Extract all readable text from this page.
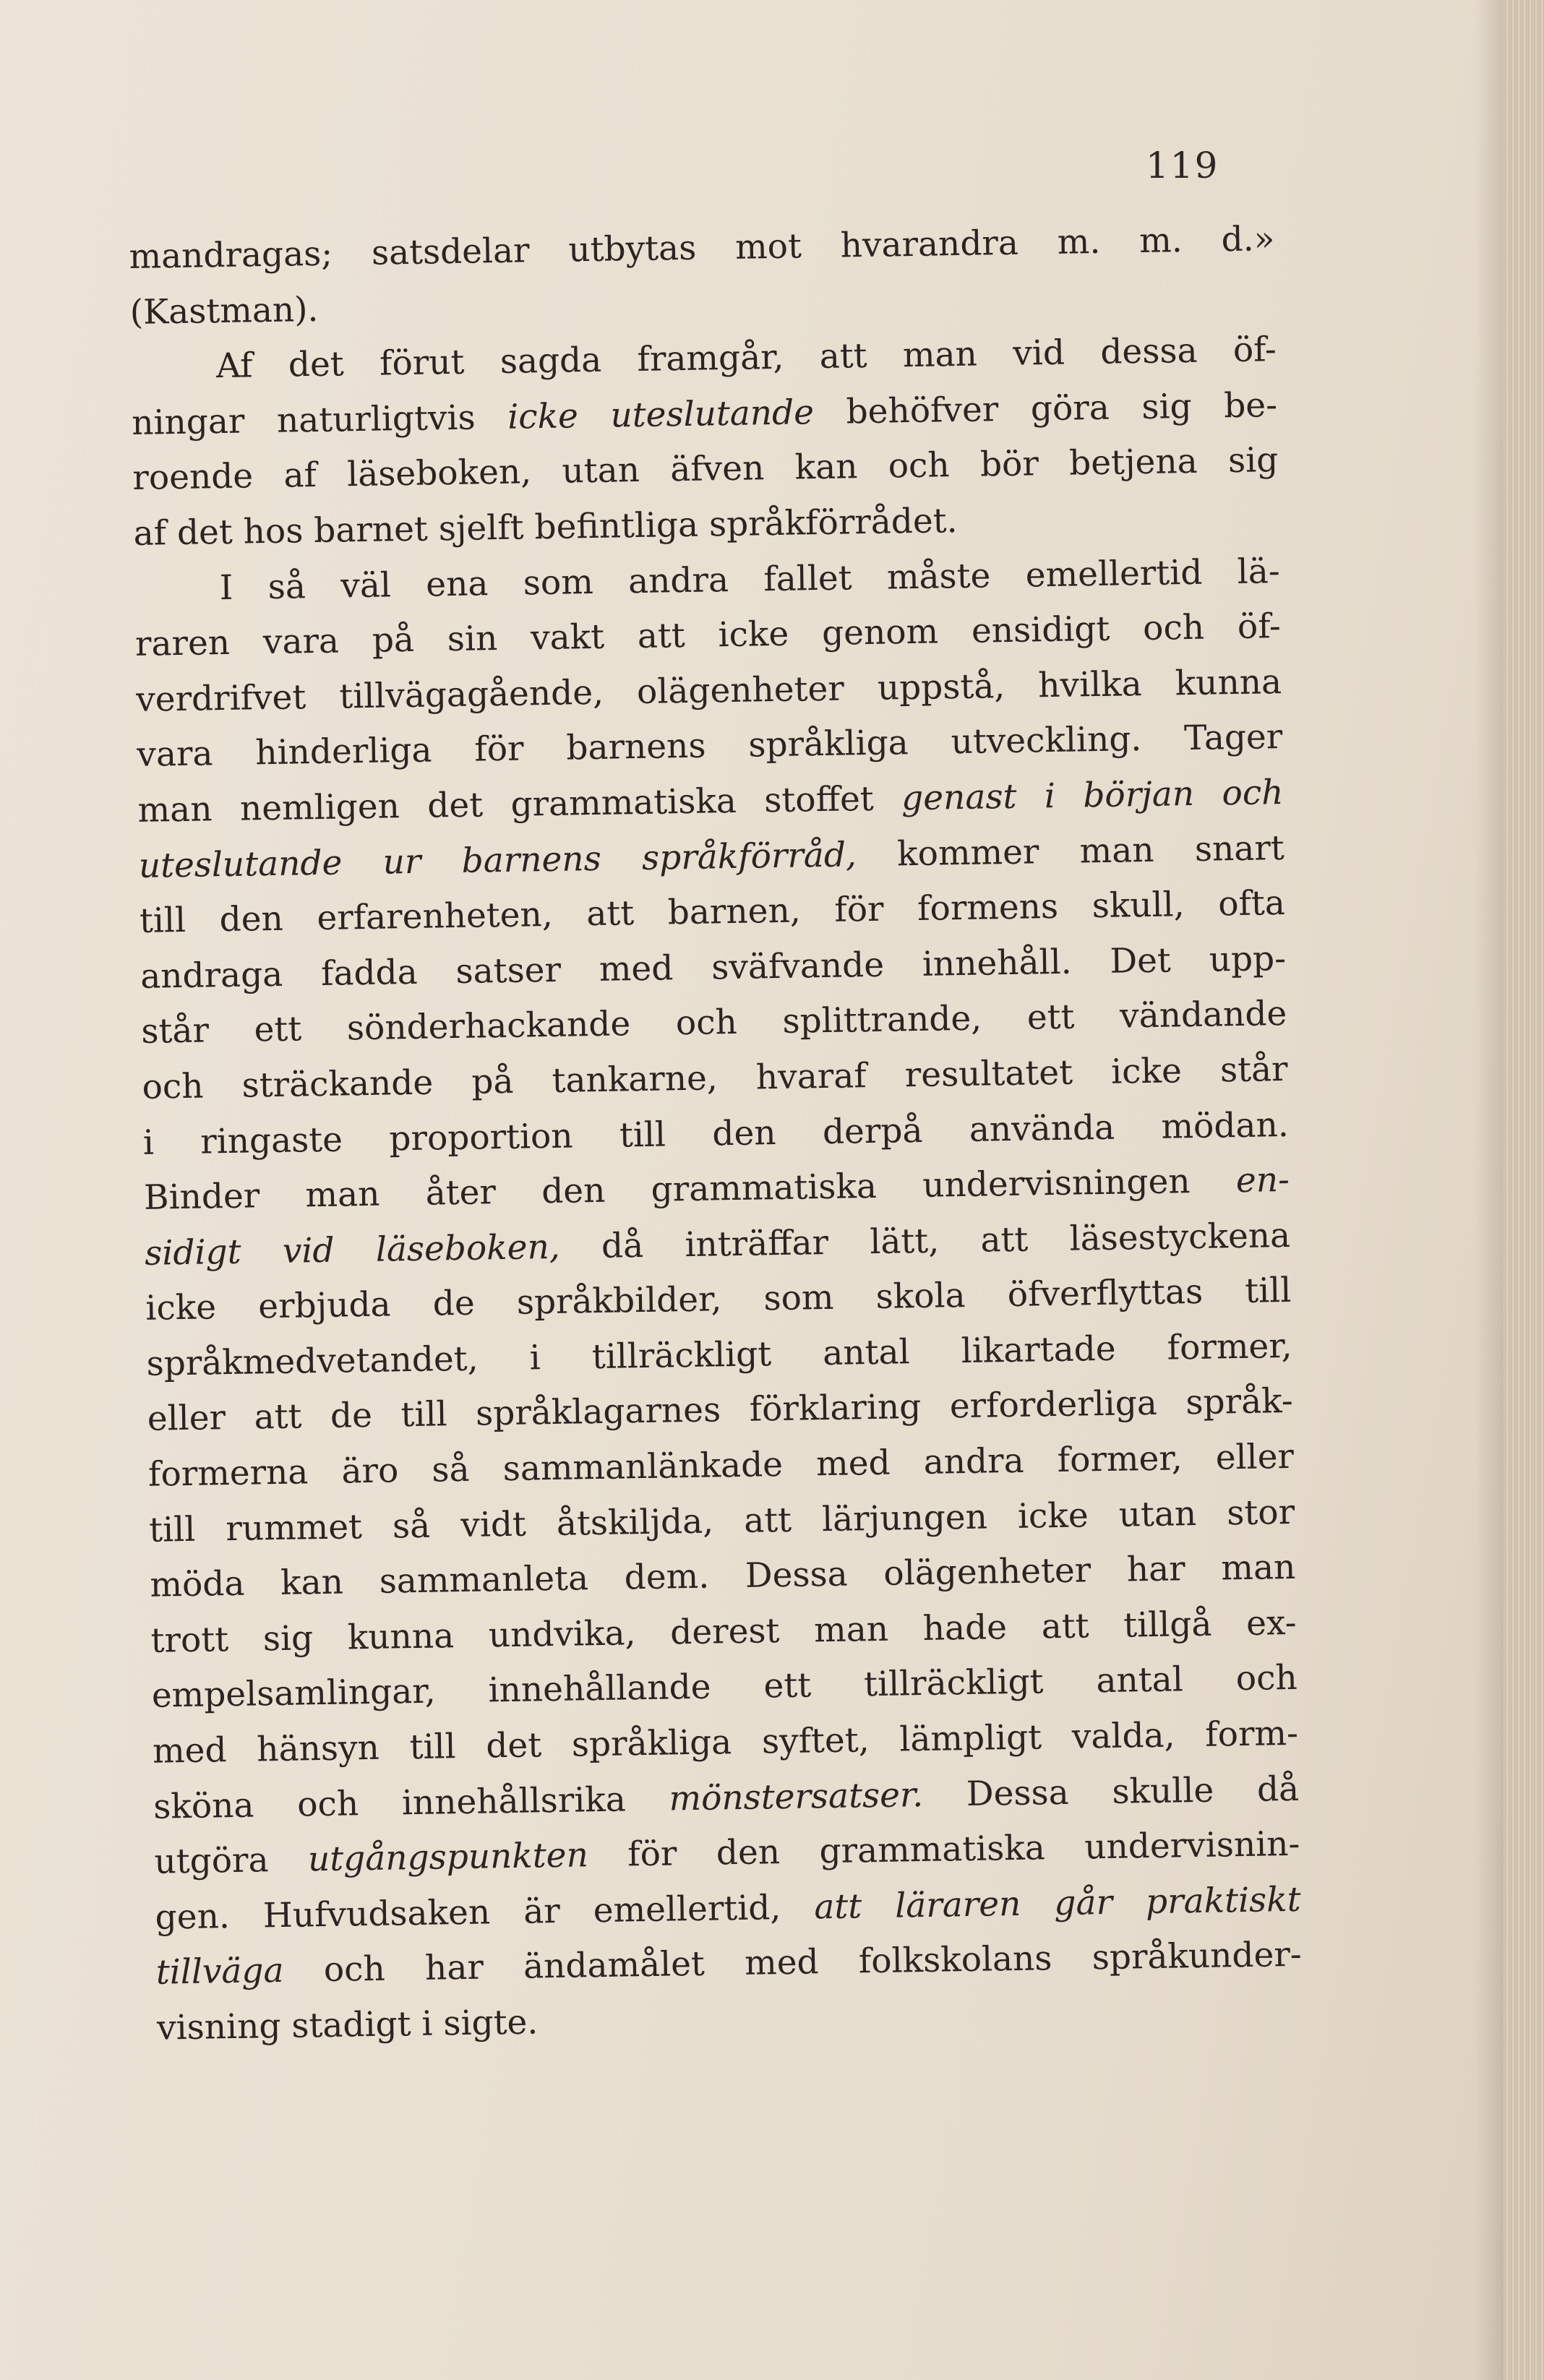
119
mandragas; satsdelar utbytas mot hvarandra m. m. d.»
(Kastman).
Af det förut sagda framgår, att man vid dessa öf-
ningar naturligtvis icke uteslutande behöfver göra sig be-
roende af läseboken, utan äfven kan och bör betjena sig
af det hos barnet sjelft befintliga språkförrådet.
I så väl ena som andra fallet måste emellertid lä-
raren vara på sin vakt att icke genom ensidigt och öf-
verdrifvet tillvägagående, olägenheter uppstå, hvilka kunna
vara hinderliga för barnens språkliga utveckling. Tager
man nemligen det grammatiska stoffet genast i början och
uteslutande ur barnens språkförråd, kommer man snart
till den erfarenheten, att barnen, för formens skull, ofta
andraga fadda satser med sväfvande innehåll. Det upp-
står ett sönderhackande och splittrande, ett vändande
och sträckande på tankarne, hvaraf resultatet icke står
i ringaste proportion till den derpå använda mödan.
Binder man åter den grammatiska undervisningen en-
sidigt vid läseboken, då inträffar lätt, att läsestyckena
icke erbjuda de språkbilder, som skola öfverflyttas till
språkmedvetandet, i tillräckligt antal likartade former,
eller att de till språklagarnes förklaring erforderliga språk-
formerna äro så sammanlänkade med andra former, eller
till rummet så vidt åtskiljda, att lärjungen icke utan stor
möda kan sammanleta dem. Dessa olägenheter har man
trott sig kunna undvika, derest man hade att tillgå ex-
empelsamlingar, innehållande ett tillräckligt antal och
med hänsyn till det språkliga syftet, lämpligt valda, form-
sköna och innehållsrika mönstersatser. Dessa skulle då
utgöra utgångspunkten för den grammatiska undervisnin-
gen. Hufvudsaken är emellertid, att läraren går praktiskt
tillväga och har ändamålet med folkskolans språkunder-
visning stadigt i sigte.
